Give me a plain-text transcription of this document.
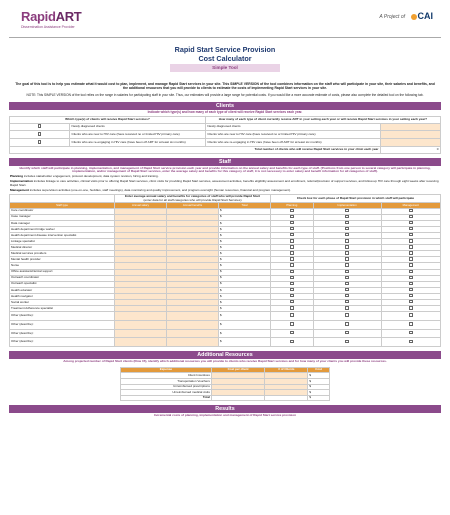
RapidART
Dissemination Assistance Provider
A Project of	CAI
Rapid Start Service Provision
Cost Calculator
Simple Tool
The goal of this tool is to help you estimate what it would cost to plan, implement, and manage Rapid Start services in your site. This SIMPLE VERSION of the tool combines information on the staff who will participate in your site, their salaries and benefits, and the additional resources that you will provide to clients to estimate the costs of implementing Rapid Start services in your site.
NOTE: This SIMPLE VERSION of the tool relies on the range in salaries for participating staff in your site. Thus, our estimates will provide a large range for potential costs. If you would like a more accurate estimate of costs, please also complete the detailed tool on the following tab.
Clients
Indicate which type(s) and how many of each type of client will receive Rapid Start services each year.
Which type(s) of clients will receive Rapid Start services?		How many of each type of client currently receive ART in your setting each year or will receive Rapid Start services in your setting each year?	
	Newly diagnosed clients	Newly diagnosed clients	
	Clients who are new to HIV care (have received no or limited HIV primary care)	Clients who are new to HIV care (have received no or limited HIV primary care)	
	Clients who are re-engaging in HIV care (have been off ART for at least six months)	Clients who are re-engaging in HIV care (have been off ART for at least six months)	
Total number of clients who will receive Rapid Start services in your clinic each year			0
Staff
Identify which staff will participate in planning, implementation, and management of Rapid Start service provision each year and provide information on the annual salary and benefits for each type of staff. (Positions from one person to several category will participate in planning, implementation, and/or management of Rapid Start services, enter the average salary and benefits for this category of staff, it is not necessary to enter salary and benefit information for all categories of staff).
Planning includes stakeholder engagement, protocol development, data system revision, hiring and training.
Implementation includes linkage to care activities, clinical visits prior to offering Rapid Start services, clinic visits for providing Rapid Start services, assessment activities, benefits eligibility assessment and enrollment, referral/provision of support services, and follow-up HIV care through eight weeks after receiving Rapid Start.
Management includes supervision activities (one-on-one, huddles, staff meetings), data monitoring and quality improvement, and program oversight (human resources, financial and program management).
	Enter average annual salary and benefits for categories of staff who will provide Rapid Start
(enter data for all staff categories who will provide Rapid Start Services)			Check box for each phase of Rapid Start provision in which staff will participate		
Staff type	Annual salary	Annual benefits	Total	Planning	Implementation	Management
Care coordinator			$			
Case manager			$			
Data manager			$			
Health department bridge worker			$			
Health department disease intervention specialist			$			
Linkage specialist			$			
Medical director			$			
Medical services providers			$			
Mental health provider			$			
Nurse			$			
Office assistant/clerical support			$			
Outreach coordinator			$			
Outreach specialist			$			
Health educator			$			
Health navigator			$			
Social worker			$			
Treatment Adherence specialist			$			
Other (describe):			$			
Other (describe):			$			
Other (describe):			$			
Other (describe):			$			
Additional Resources
Among projected number of Rapid Start clients (Row 15), identify which additional resources you will provide to clients who receive Rapid Start services and for how many of your clients you will provide these resources.
Expense	Cost per client	# of Clients	Cost
Client Incentives			$
Transportation Vouchers			$
Unreimbursed prescriptions			$
Unreimbursed medical visits			$
Total			$
Results
Incremental costs of planning, implementation and management of Rapid Start service provision
